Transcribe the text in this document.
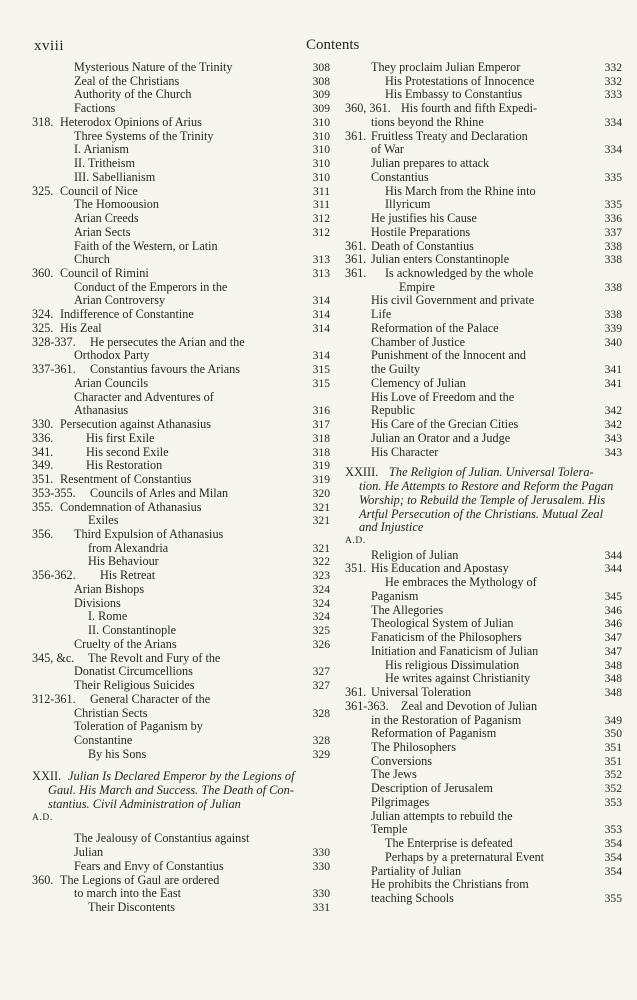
xviii	Contents
Mysterious Nature of the Trinity	308
Zeal of the Christians	308
Authority of the Church	309
Factions	309
318. Heterodox Opinions of Arius	310
Three Systems of the Trinity	310
I. Arianism	310
II. Tritheism	310
III. Sabellianism	310
325. Council of Nice	311
The Homoousion	311
Arian Creeds	312
Arian Sects	312
Faith of the Western, or Latin
Church	313
360. Council of Rimini	313
Conduct of the Emperors in the
Arian Controversy	314
324. Indifference of Constantine	314
325. His Zeal	314
328-337. He persecutes the Arian and the
Orthodox Party	314
337-361. Constantius favours the Arians	315
Arian Councils	315
Character and Adventures of
Athanasius	316
330. Persecution against Athanasius	317
336.	His first Exile	318
341.	His second Exile	318
349.	His Restoration	319
351. Resentment of Constantius	319
353-355. Councils of Arles and Milan	320
355. Condemnation of Athanasius	321
Exiles	321
356. Third Expulsion of Athanasius
from Alexandria	321
His Behaviour	322
356-362. His Retreat	323
Arian Bishops	324
Divisions	324
I. Rome	324
II. Constantinople	325
Cruelty of the Arians	326
345, &c. The Revolt and Fury of the
Donatist Circumcellions	327
Their Religious Suicides	327
312-361. General Character of the
Christian Sects	328
Toleration of Paganism by
Constantine	328
By his Sons	329
XXII. Julian Is Declared Emperor by the Legions of
Gaul. His March and Success. The Death of Con-
stantius. Civil Administration of Julian
A.D.
The Jealousy of Constantius against
Julian	330
Fears and Envy of Constantius	330
360. The Legions of Gaul are ordered
to march into the East	330
Their Discontents	331
They proclaim Julian Emperor	332
His Protestations of Innocence	332
His Embassy to Constantius	333
360, 361. His fourth and fifth Expedi-
tions beyond the Rhine	334
361. Fruitless Treaty and Declaration
of War	334
Julian prepares to attack
Constantius	335
His March from the Rhine into
Illyricum	335
He justifies his Cause	336
Hostile Preparations	337
361. Death of Constantius	338
361. Julian enters Constantinople	338
361. Is acknowledged by the whole
Empire	338
His civil Government and private
Life	338
Reformation of the Palace	339
Chamber of Justice	340
Punishment of the Innocent and
the Guilty	341
Clemency of Julian	341
His Love of Freedom and the
Republic	342
His Care of the Grecian Cities	342
Julian an Orator and a Judge	343
His Character	343
XXIII. The Religion of Julian. Universal Tolera-
tion. He Attempts to Restore and Reform the Pagan
Worship; to Rebuild the Temple of Jerusalem. His
Artful Persecution of the Christians. Mutual Zeal
and Injustice
A.D.
Religion of Julian	344
351. His Education and Apostasy	344
He embraces the Mythology of
Paganism	345
The Allegories	346
Theological System of Julian	346
Fanaticism of the Philosophers	347
Initiation and Fanaticism of Julian	347
His religious Dissimulation	348
He writes against Christianity	348
361. Universal Toleration	348
361-363. Zeal and Devotion of Julian
in the Restoration of Paganism	349
Reformation of Paganism	350
The Philosophers	351
Conversions	351
The Jews	352
Description of Jerusalem	352
Pilgrimages	353
Julian attempts to rebuild the
Temple	353
The Enterprise is defeated	354
Perhaps by a preternatural Event	354
Partiality of Julian	354
He prohibits the Christians from
teaching Schools	355
